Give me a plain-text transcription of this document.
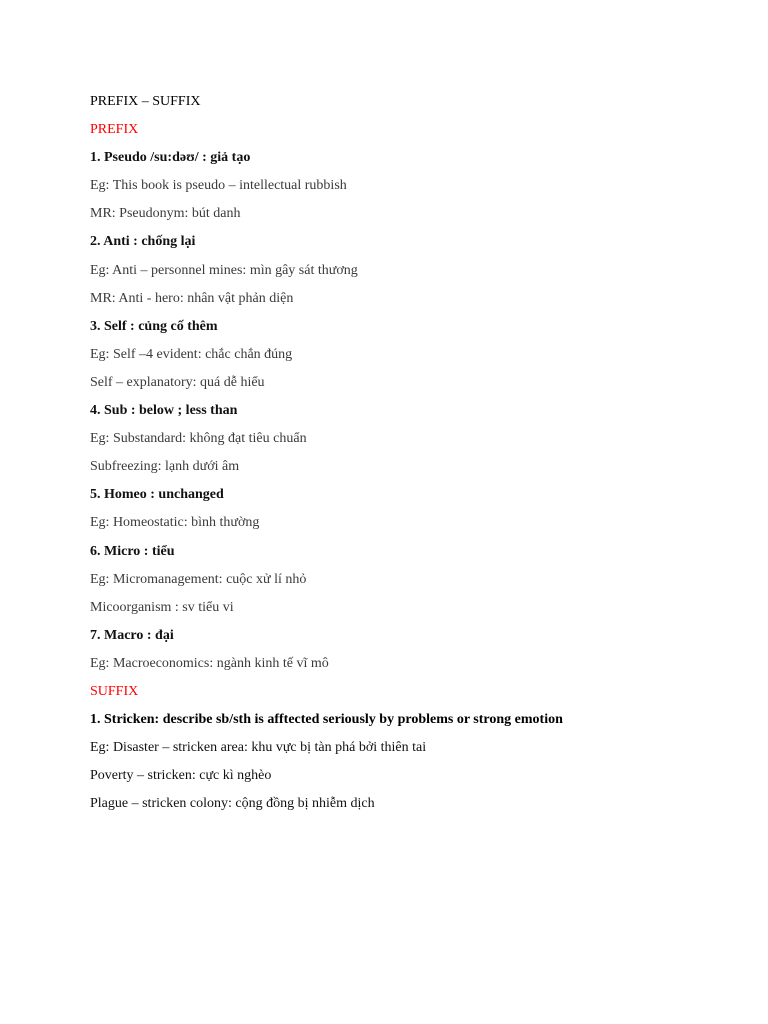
PREFIX – SUFFIX
PREFIX
1. Pseudo /su:dəʊ/ : giả tạo
Eg: This book is pseudo – intellectual rubbish
MR: Pseudonym: bút danh
2. Anti : chống lại
Eg: Anti – personnel mines: mìn gây sát thương
MR: Anti - hero: nhân vật phản diện
3. Self : củng cố thêm
Eg: Self –4 evident: chắc chắn đúng
Self – explanatory: quá dễ hiểu
4. Sub : below ; less than
Eg: Substandard: không đạt tiêu chuẩn
Subfreezing: lạnh dưới âm
5. Homeo : unchanged
Eg: Homeostatic: bình thường
6. Micro : tiểu
Eg: Micromanagement: cuộc xử lí nhỏ
Micoorganism : sv tiểu vi
7. Macro : đại
Eg: Macroeconomics: ngành kinh tế vĩ mô
SUFFIX
1. Stricken: describe sb/sth is afftected seriously by problems or strong emotion
Eg: Disaster – stricken area: khu vực bị tàn phá bởi thiên tai
Poverty – stricken: cực kì nghèo
Plague – stricken colony: cộng đồng bị nhiễm dịch
